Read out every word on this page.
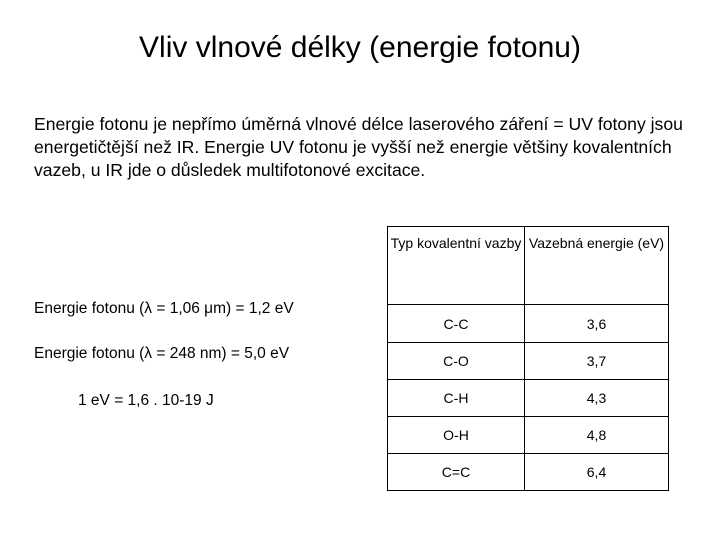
Vliv vlnové délky (energie fotonu)
Energie fotonu je nepřímo úměrná vlnové délce laserového záření = UV fotony jsou energetičtější než IR. Energie UV fotonu je vyšší než energie většiny kovalentních vazeb, u IR jde o důsledek multifotonové excitace.
Energie fotonu (λ = 1,06 μm) = 1,2 eV
Energie fotonu (λ = 248 nm) = 5,0 eV
1 eV = 1,6 . 10-19 J
Typ kovalentní vazby	Vazebná energie (eV)
C-C	3,6
C-O	3,7
C-H	4,3
O-H	4,8
C=C	6,4
